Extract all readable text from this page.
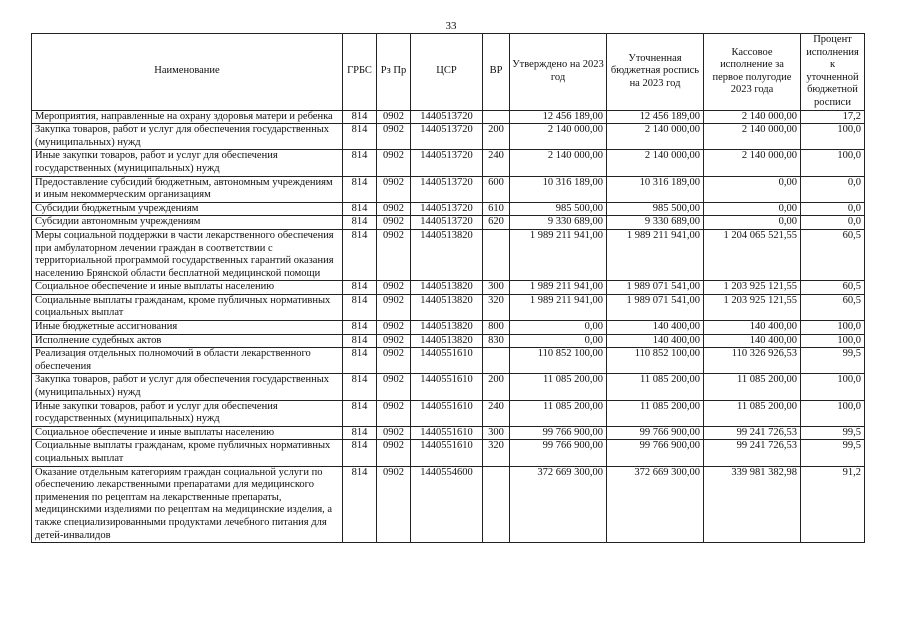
33
Наименование	ГРБС	Рз Пр	ЦСР	ВР	Утверждено на 2023 год	Уточненная бюджетная роспись на 2023 год	Кассовое исполнение за первое полугодие 2023 года	Процент исполнения к уточненной бюджетной росписи
Мероприятия, направленные на охрану здоровья матери и ребенка	814	0902	1440513720		12 456 189,00	12 456 189,00	2 140 000,00	17,2
Закупка товаров, работ и услуг для обеспечения государственных (муниципальных) нужд	814	0902	1440513720	200	2 140 000,00	2 140 000,00	2 140 000,00	100,0
Иные закупки товаров, работ и услуг для обеспечения государственных (муниципальных) нужд	814	0902	1440513720	240	2 140 000,00	2 140 000,00	2 140 000,00	100,0
Предоставление субсидий бюджетным, автономным учреждениям и иным некоммерческим организациям	814	0902	1440513720	600	10 316 189,00	10 316 189,00	0,00	0,0
Субсидии бюджетным учреждениям	814	0902	1440513720	610	985 500,00	985 500,00	0,00	0,0
Субсидии автономным учреждениям	814	0902	1440513720	620	9 330 689,00	9 330 689,00	0,00	0,0
Меры социальной поддержки в части лекарственного обеспечения при амбулаторном лечении граждан в соответствии с территориальной программой государственных гарантий оказания населению Брянской области бесплатной медицинской помощи	814	0902	1440513820		1 989 211 941,00	1 989 211 941,00	1 204 065 521,55	60,5
Социальное обеспечение и иные выплаты населению	814	0902	1440513820	300	1 989 211 941,00	1 989 071 541,00	1 203 925 121,55	60,5
Социальные выплаты гражданам, кроме публичных нормативных социальных выплат	814	0902	1440513820	320	1 989 211 941,00	1 989 071 541,00	1 203 925 121,55	60,5
Иные бюджетные ассигнования	814	0902	1440513820	800	0,00	140 400,00	140 400,00	100,0
Исполнение судебных актов	814	0902	1440513820	830	0,00	140 400,00	140 400,00	100,0
Реализация отдельных полномочий в области лекарственного обеспечения	814	0902	1440551610		110 852 100,00	110 852 100,00	110 326 926,53	99,5
Закупка товаров, работ и услуг для обеспечения государственных (муниципальных) нужд	814	0902	1440551610	200	11 085 200,00	11 085 200,00	11 085 200,00	100,0
Иные закупки товаров, работ и услуг для обеспечения государственных (муниципальных) нужд	814	0902	1440551610	240	11 085 200,00	11 085 200,00	11 085 200,00	100,0
Социальное обеспечение и иные выплаты населению	814	0902	1440551610	300	99 766 900,00	99 766 900,00	99 241 726,53	99,5
Социальные выплаты гражданам, кроме публичных нормативных социальных выплат	814	0902	1440551610	320	99 766 900,00	99 766 900,00	99 241 726,53	99,5
Оказание отдельным категориям граждан социальной услуги по обеспечению лекарственными препаратами для медицинского применения по рецептам на лекарственные препараты, медицинскими изделиями по рецептам на медицинские изделия, а также специализированными продуктами лечебного питания для детей-инвалидов	814	0902	1440554600		372 669 300,00	372 669 300,00	339 981 382,98	91,2
